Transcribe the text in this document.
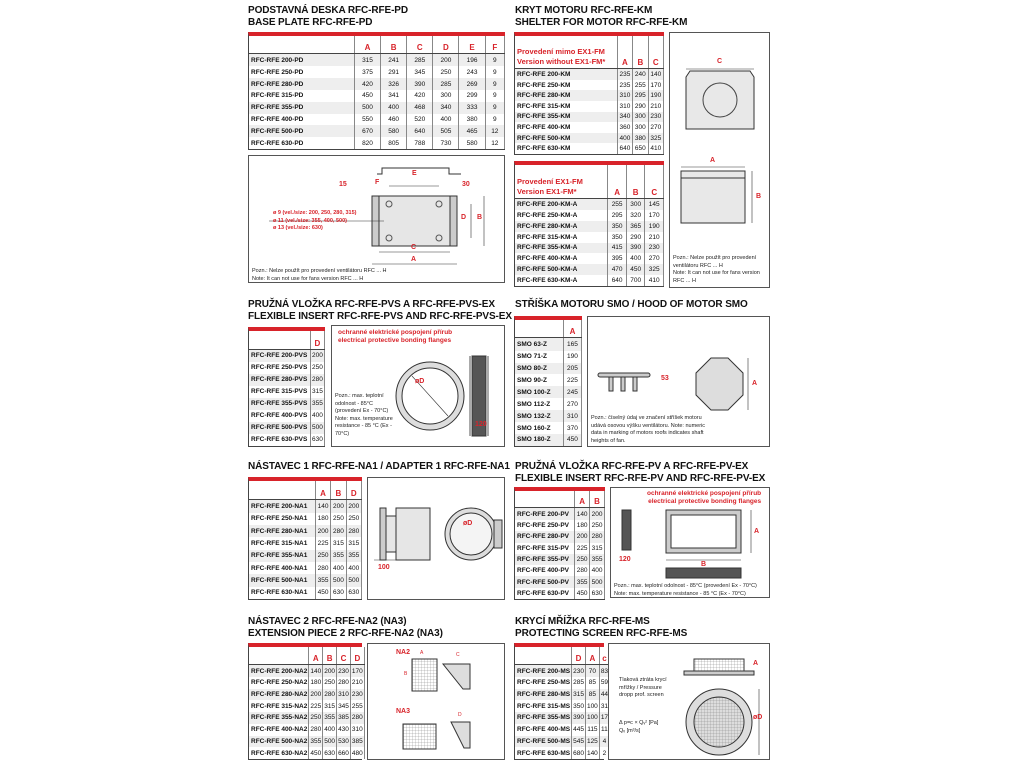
PODSTAVNÁ DESKA RFC-RFE-PD
BASE PLATE RFC-RFE-PD
	A	B	C	D	E	F
RFC-RFE 200-PD	315	241	285	200	196	9
RFC-RFE 250-PD	375	291	345	250	243	9
RFC-RFE 280-PD	420	326	390	285	269	9
RFC-RFE 315-PD	450	341	420	300	299	9
RFC-RFE 355-PD	500	400	468	340	333	9
RFC-RFE 400-PD	550	460	520	400	380	9
RFC-RFE 500-PD	670	580	640	505	465	12
RFC-RFE 630-PD	820	805	788	730	580	12
E
F
15	30
D B
C
A
ø 9 (vel./size: 200, 250, 280, 315)
ø 11 (vel./size: 355, 400, 500)
ø 13 (vel./size: 630)
Pozn.: Nelze použít pro provedení ventilátoru RFC ... H
Note: It can not use for fans version RFC ... H
KRYT MOTORU RFC-RFE-KM
SHELTER FOR MOTOR RFC-RFE-KM
Provedení mimo EX1-FM
Version without EX1-FM*	A	B	C
RFC-RFE 200-KM	235	240	140
RFC-RFE 250-KM	235	255	170
RFC-RFE 280-KM	310	295	190
RFC-RFE 315-KM	310	290	210
RFC-RFE 355-KM	340	300	230
RFC-RFE 400-KM	360	300	270
RFC-RFE 500-KM	400	380	325
RFC-RFE 630-KM	640	650	410
Provedení EX1-FM
Version EX1-FM*	A	B	C
RFC-RFE 200-KM-A	255	300	145
RFC-RFE 250-KM-A	295	320	170
RFC-RFE 280-KM-A	350	365	190
RFC-RFE 315-KM-A	350	290	210
RFC-RFE 355-KM-A	415	390	230
RFC-RFE 400-KM-A	395	400	270
RFC-RFE 500-KM-A	470	450	325
RFC-RFE 630-KM-A	640	700	410
C
A
B
Pozn.: Nelze použít pro provedení ventilátoru RFC ... H
Note: It can not use for fans version RFC ... H
PRUŽNÁ VLOŽKA RFC-RFE-PVS A RFC-RFE-PVS-EX
FLEXIBLE INSERT RFC-RFE-PVS AND RFC-RFE-PVS-EX
	D
RFC-RFE 200-PVS	200
RFC-RFE 250-PVS	250
RFC-RFE 280-PVS	280
RFC-RFE 315-PVS	315
RFC-RFE 355-PVS	355
RFC-RFE 400-PVS	400
RFC-RFE 500-PVS	500
RFC-RFE 630-PVS	630
ochranné elektrické pospojení přírub
electrical protective bonding flanges
øD
120
Pozn.: max. teplotní odolnost - 85°C (provedení Ex - 70°C) Note: max. temperature resistance - 85 °C (Ex - 70°C)
STŘÍŠKA MOTORU SMO / HOOD OF MOTOR SMO
	A
SMO 63-Z	165
SMO 71-Z	190
SMO 80-Z	205
SMO 90-Z	225
SMO 100-Z	245
SMO 112-Z	270
SMO 132-Z	310
SMO 160-Z	370
SMO 180-Z	450
53
A
Pozn.: číselný údaj ve značení stříšek motoru udává osovou výšku ventilátoru. Note: numeric data in marking of motors roofs indicates shaft heights of fan.
NÁSTAVEC 1 RFC-RFE-NA1 / ADAPTER 1 RFC-RFE-NA1
	A	B	D
RFC-RFE 200-NA1	140	200	200
RFC-RFE 250-NA1	180	250	250
RFC-RFE 280-NA1	200	280	280
RFC-RFE 315-NA1	225	315	315
RFC-RFE 355-NA1	250	355	355
RFC-RFE 400-NA1	280	400	400
RFC-RFE 500-NA1	355	500	500
RFC-RFE 630-NA1	450	630	630
100
øD
PRUŽNÁ VLOŽKA RFC-RFE-PV A RFC-RFE-PV-EX
FLEXIBLE INSERT RFC-RFE-PV AND RFC-RFE-PV-EX
	A	B
RFC-RFE 200-PV	140	200
RFC-RFE 250-PV	180	250
RFC-RFE 280-PV	200	280
RFC-RFE 315-PV	225	315
RFC-RFE 355-PV	250	355
RFC-RFE 400-PV	280	400
RFC-RFE 500-PV	355	500
RFC-RFE 630-PV	450	630
ochranné elektrické pospojení přírub
electrical protective bonding flanges
120
A
B
Pozn.: max. teplotní odolnost - 85°C (provedení Ex - 70°C)
Note: max. temperature resistance - 85 °C (Ex - 70°C)
NÁSTAVEC 2 RFC-RFE-NA2 (NA3)
EXTENSION PIECE 2 RFC-RFE-NA2 (NA3)
	A	B	C	D
RFC-RFE 200-NA2	140	200	230	170
RFC-RFE 250-NA2	180	250	280	210
RFC-RFE 280-NA2	200	280	310	230
RFC-RFE 315-NA2	225	315	345	255
RFC-RFE 355-NA2	250	355	385	280
RFC-RFE 400-NA2	280	400	430	310
RFC-RFE 500-NA2	355	500	530	385
RFC-RFE 630-NA2	450	630	660	480
NA2
NA3
A
B
C
D
KRYCÍ MŘÍŽKA RFC-RFE-MS
PROTECTING SCREEN RFC-RFE-MS
	D	A	c
RFC-RFE 200-MS	230	70	83
RFC-RFE 250-MS	285	85	59
RFC-RFE 280-MS	315	85	44
RFC-RFE 315-MS	350	100	31
RFC-RFE 355-MS	390	100	17
RFC-RFE 400-MS	445	115	11
RFC-RFE 500-MS	545	125	4
RFC-RFE 630-MS	680	140	2
A
øD
Tlaková ztráta krycí mřížky / Pressure dropp prof. screen
Δ p=c × Qᵥ² [Pa]
Qᵥ [m³/s]
